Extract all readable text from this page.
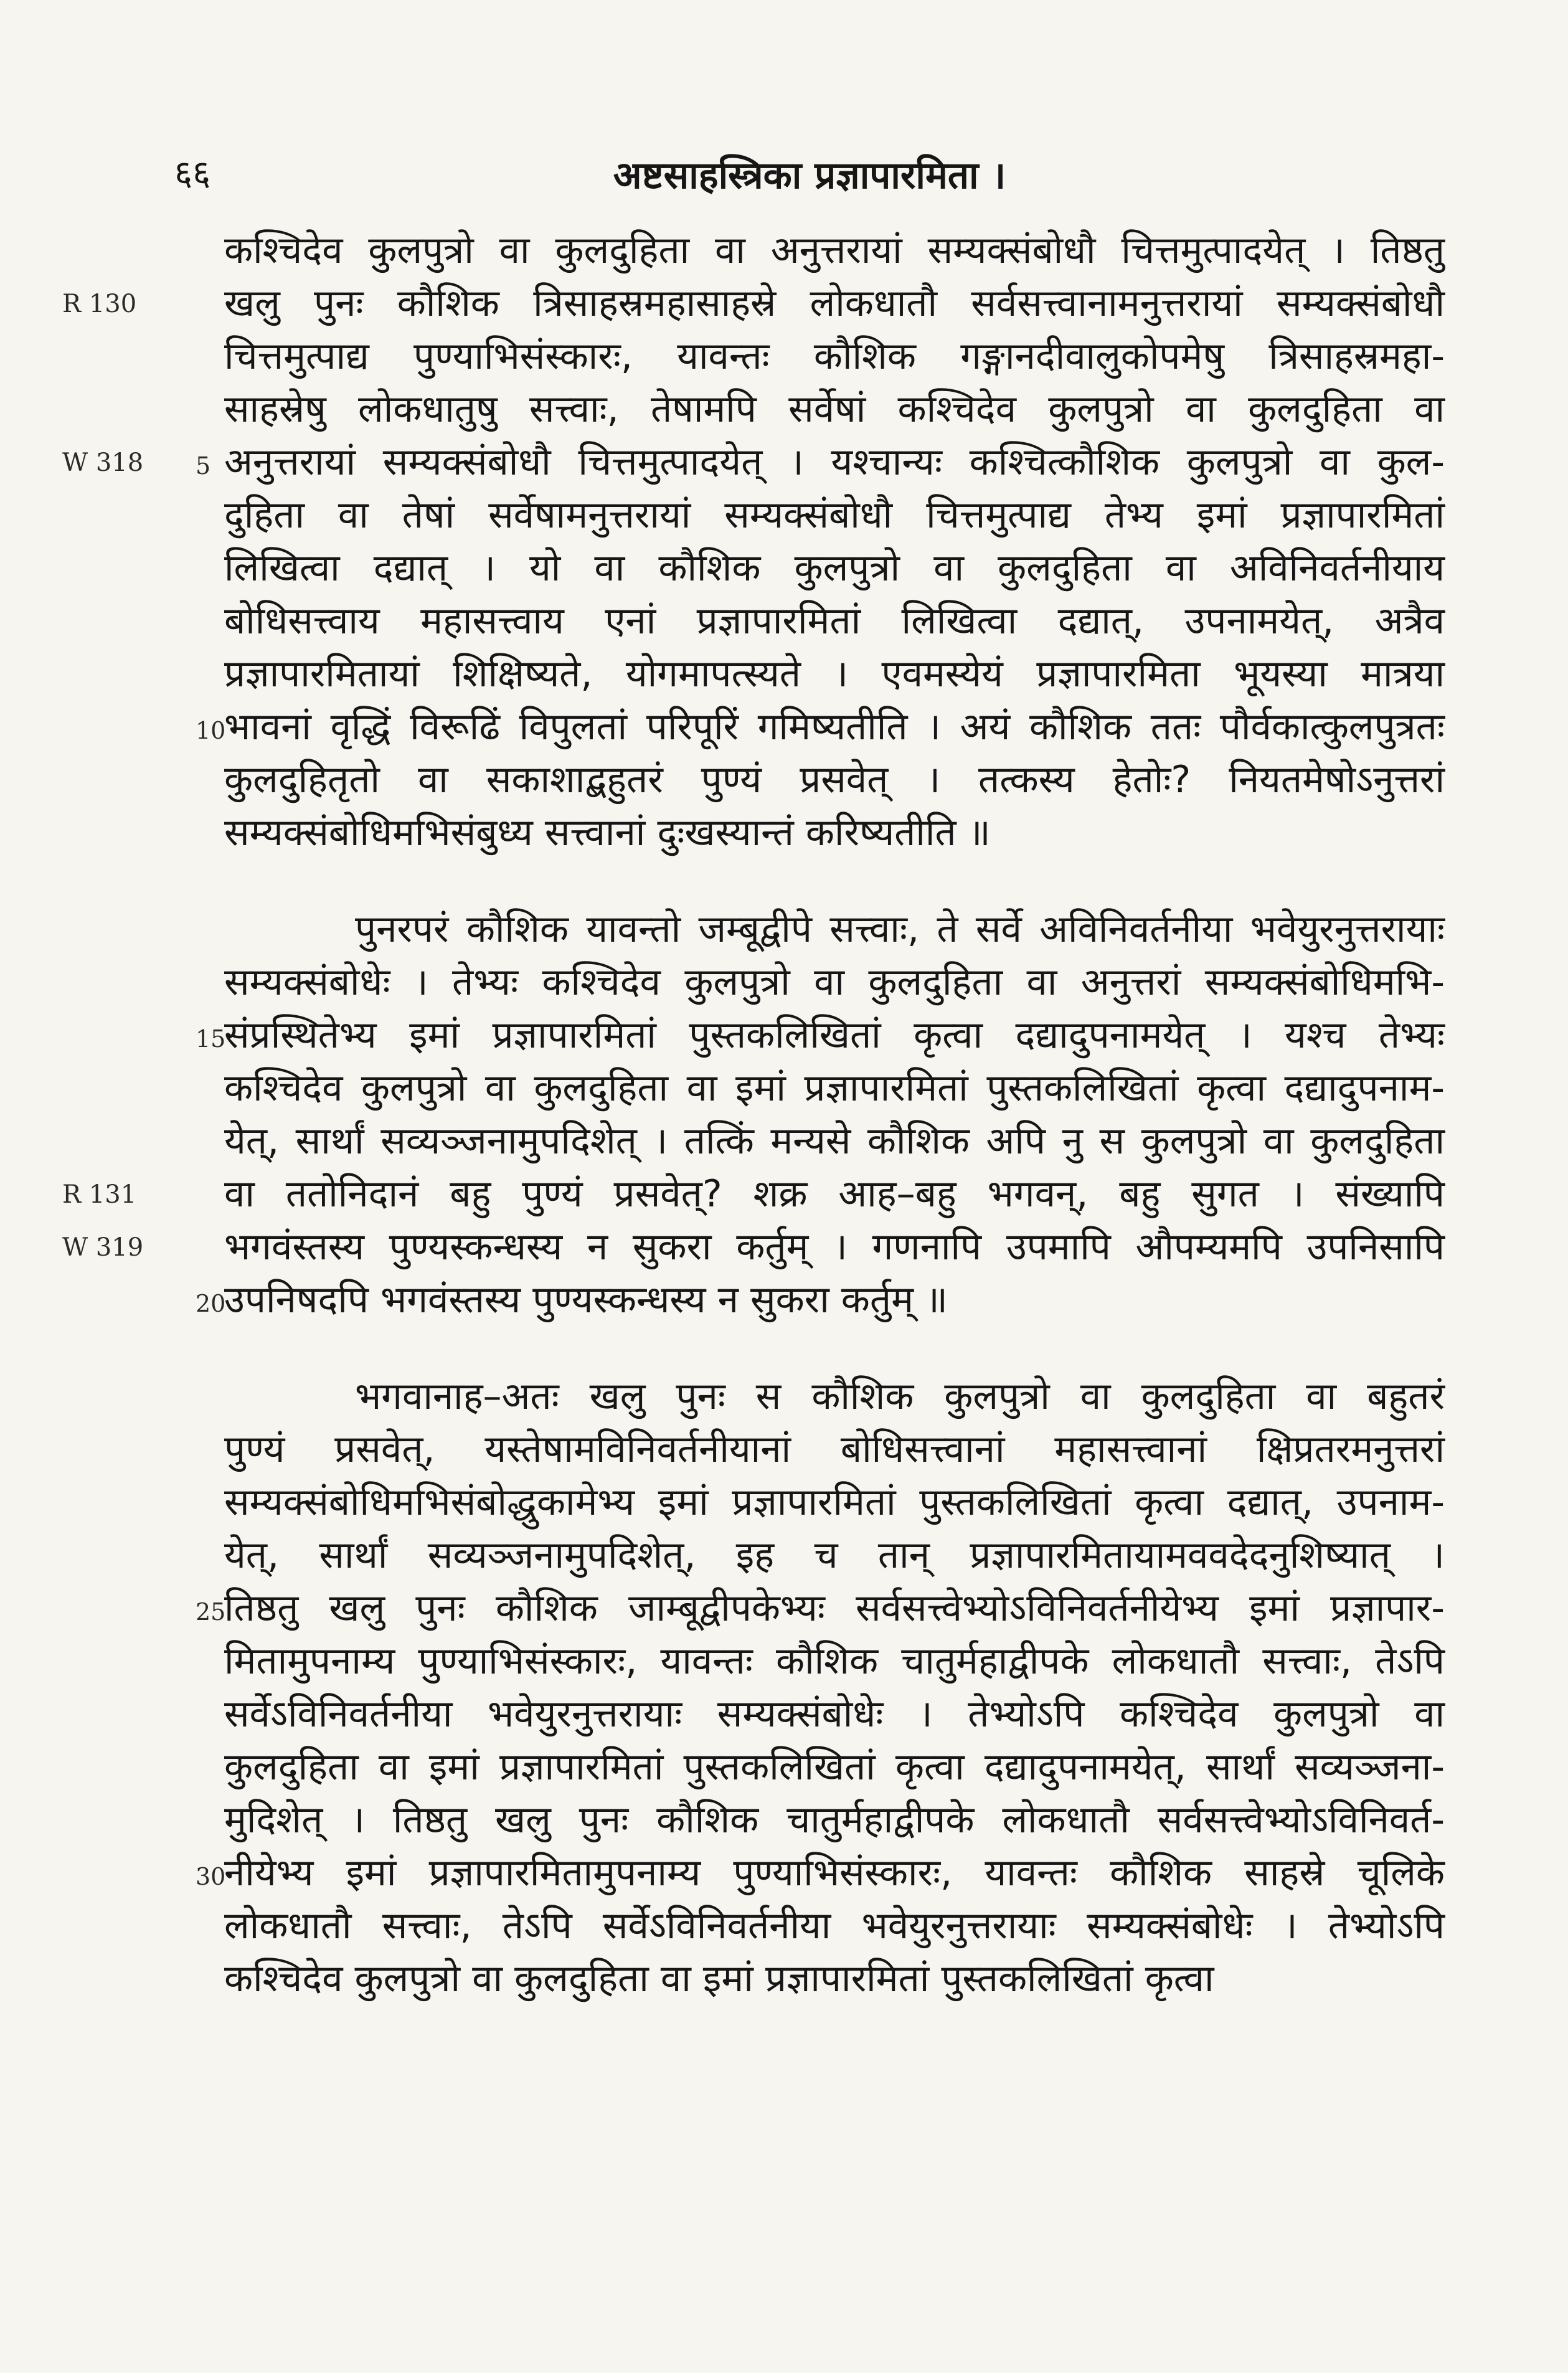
६६	अष्टसाहस्त्रिका प्रज्ञापारमिता ।
R 130
W 318
R 131
W 319
कश्चिदेव कुलपुत्रो वा कुलदुहिता वा अनुत्तरायां सम्यक्संबोधौ चित्तमुत्पादयेत् । तिष्ठतु
खलु पुनः कौशिक त्रिसाहस्रमहासाहस्रे लोकधातौ सर्वसत्त्वानामनुत्तरायां सम्यक्संबोधौ
चित्तमुत्पाद्य पुण्याभिसंस्कारः, यावन्तः कौशिक गङ्गानदीवालुकोपमेषु त्रिसाहस्रमहा-
साहस्रेषु लोकधातुषु सत्त्वाः, तेषामपि सर्वेषां कश्चिदेव कुलपुत्रो वा कुलदुहिता वा
5 अनुत्तरायां सम्यक्संबोधौ चित्तमुत्पादयेत् । यश्चान्यः कश्चित्कौशिक कुलपुत्रो वा कुल-
दुहिता वा तेषां सर्वेषामनुत्तरायां सम्यक्संबोधौ चित्तमुत्पाद्य तेभ्य इमां प्रज्ञापारमितां
लिखित्वा दद्यात् । यो वा कौशिक कुलपुत्रो वा कुलदुहिता वा अविनिवर्तनीयाय
बोधिसत्त्वाय महासत्त्वाय एनां प्रज्ञापारमितां लिखित्वा दद्यात्, उपनामयेत्, अत्रैव
प्रज्ञापारमितायां शिक्षिष्यते, योगमापत्स्यते । एवमस्येयं प्रज्ञापारमिता भूयस्या मात्रया
10
भावनां वृद्धिं विरूढिं विपुलतां परिपूरिं गमिष्यतीति । अयं कौशिक ततः पौर्वकात्कुलपुत्रतः
कुलदुहितृतो वा सकाशाद्बहुतरं पुण्यं प्रसवेत् । तत्कस्य हेतोः? नियतमेषोऽनुत्तरां
सम्यक्संबोधिमभिसंबुध्य सत्त्वानां दुःखस्यान्तं करिष्यतीति ॥
पुनरपरं कौशिक यावन्तो जम्बूद्वीपे सत्त्वाः, ते सर्वे अविनिवर्तनीया भवेयुरनुत्तरायाः
सम्यक्संबोधेः । तेभ्यः कश्चिदेव कुलपुत्रो वा कुलदुहिता वा अनुत्तरां सम्यक्संबोधिमभि-
15
संप्रस्थितेभ्य इमां प्रज्ञापारमितां पुस्तकलिखितां कृत्वा दद्यादुपनामयेत् । यश्च तेभ्यः
कश्चिदेव कुलपुत्रो वा कुलदुहिता वा इमां प्रज्ञापारमितां पुस्तकलिखितां कृत्वा दद्यादुपनाम-
येत्, सार्थां सव्यञ्जनामुपदिशेत् । तत्किं मन्यसे कौशिक अपि नु स कुलपुत्रो वा कुलदुहिता
वा ततोनिदानं बहु पुण्यं प्रसवेत्? शक्र आह–बहु भगवन्, बहु सुगत । संख्यापि
भगवंस्तस्य पुण्यस्कन्धस्य न सुकरा कर्तुम् । गणनापि उपमापि औपम्यमपि उपनिसापि
20
उपनिषदपि भगवंस्तस्य पुण्यस्कन्धस्य न सुकरा कर्तुम् ॥
भगवानाह–अतः खलु पुनः स कौशिक कुलपुत्रो वा कुलदुहिता वा बहुतरं
पुण्यं प्रसवेत्, यस्तेषामविनिवर्तनीयानां बोधिसत्त्वानां महासत्त्वानां क्षिप्रतरमनुत्तरां
सम्यक्संबोधिमभिसंबोद्धुकामेभ्य इमां प्रज्ञापारमितां पुस्तकलिखितां कृत्वा दद्यात्, उपनाम-
येत्, सार्थां सव्यञ्जनामुपदिशेत्, इह च तान् प्रज्ञापारमितायामववदेदनुशिष्यात् ।
25
तिष्ठतु खलु पुनः कौशिक जाम्बूद्वीपकेभ्यः सर्वसत्त्वेभ्योऽविनिवर्तनीयेभ्य इमां प्रज्ञापार-
मितामुपनाम्य पुण्याभिसंस्कारः, यावन्तः कौशिक चातुर्महाद्वीपके लोकधातौ सत्त्वाः, तेऽपि
सर्वेऽविनिवर्तनीया भवेयुरनुत्तरायाः सम्यक्संबोधेः । तेभ्योऽपि कश्चिदेव कुलपुत्रो वा
कुलदुहिता वा इमां प्रज्ञापारमितां पुस्तकलिखितां कृत्वा दद्यादुपनामयेत्, सार्थां सव्यञ्जना-
मुदिशेत् । तिष्ठतु खलु पुनः कौशिक चातुर्महाद्वीपके लोकधातौ सर्वसत्त्वेभ्योऽविनिवर्त-
30
नीयेभ्य इमां प्रज्ञापारमितामुपनाम्य पुण्याभिसंस्कारः, यावन्तः कौशिक साहस्रे चूलिके
लोकधातौ सत्त्वाः, तेऽपि सर्वेऽविनिवर्तनीया भवेयुरनुत्तरायाः सम्यक्संबोधेः । तेभ्योऽपि
कश्चिदेव कुलपुत्रो वा कुलदुहिता वा इमां प्रज्ञापारमितां पुस्तकलिखितां कृत्वा
